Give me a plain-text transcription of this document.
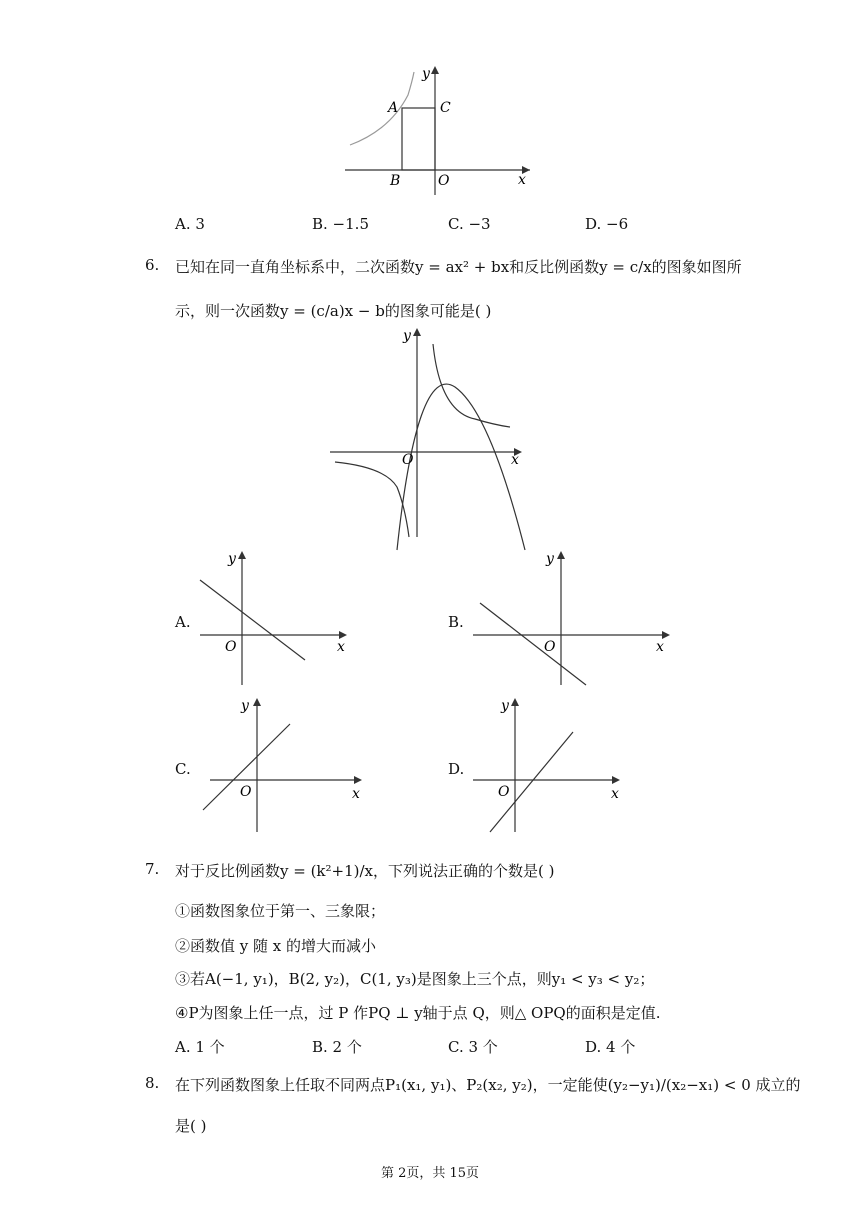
A	C
B	O	x
y
A. 3	B. −1.5	C. −3	D. −6
6. 已知在同一直角坐标系中，二次函数y = ax² + bx和反比例函数y = c/x的图象如图所
示，则一次函数y = (c/a)x − b的图象可能是( )
O	x
y
A.
O	x
y
B.
O	x
y
C.
O	x
y
D.
O	x
y
7. 对于反比例函数y = (k²+1)/x，下列说法正确的个数是( )
①函数图象位于第一、三象限；
②函数值 y 随 x 的增大而减小
③若A(−1, y₁)，B(2, y₂)，C(1, y₃)是图象上三个点，则y₁ < y₃ < y₂；
④P为图象上任一点，过 P 作PQ ⊥ y轴于点 Q，则△ OPQ的面积是定值.
A. 1 个	B. 2 个	C. 3 个	D. 4 个
8. 在下列函数图象上任取不同两点P₁(x₁, y₁)、P₂(x₂, y₂)，一定能使(y₂−y₁)/(x₂−x₁) < 0 成立的
是( )
第 2页，共 15页
